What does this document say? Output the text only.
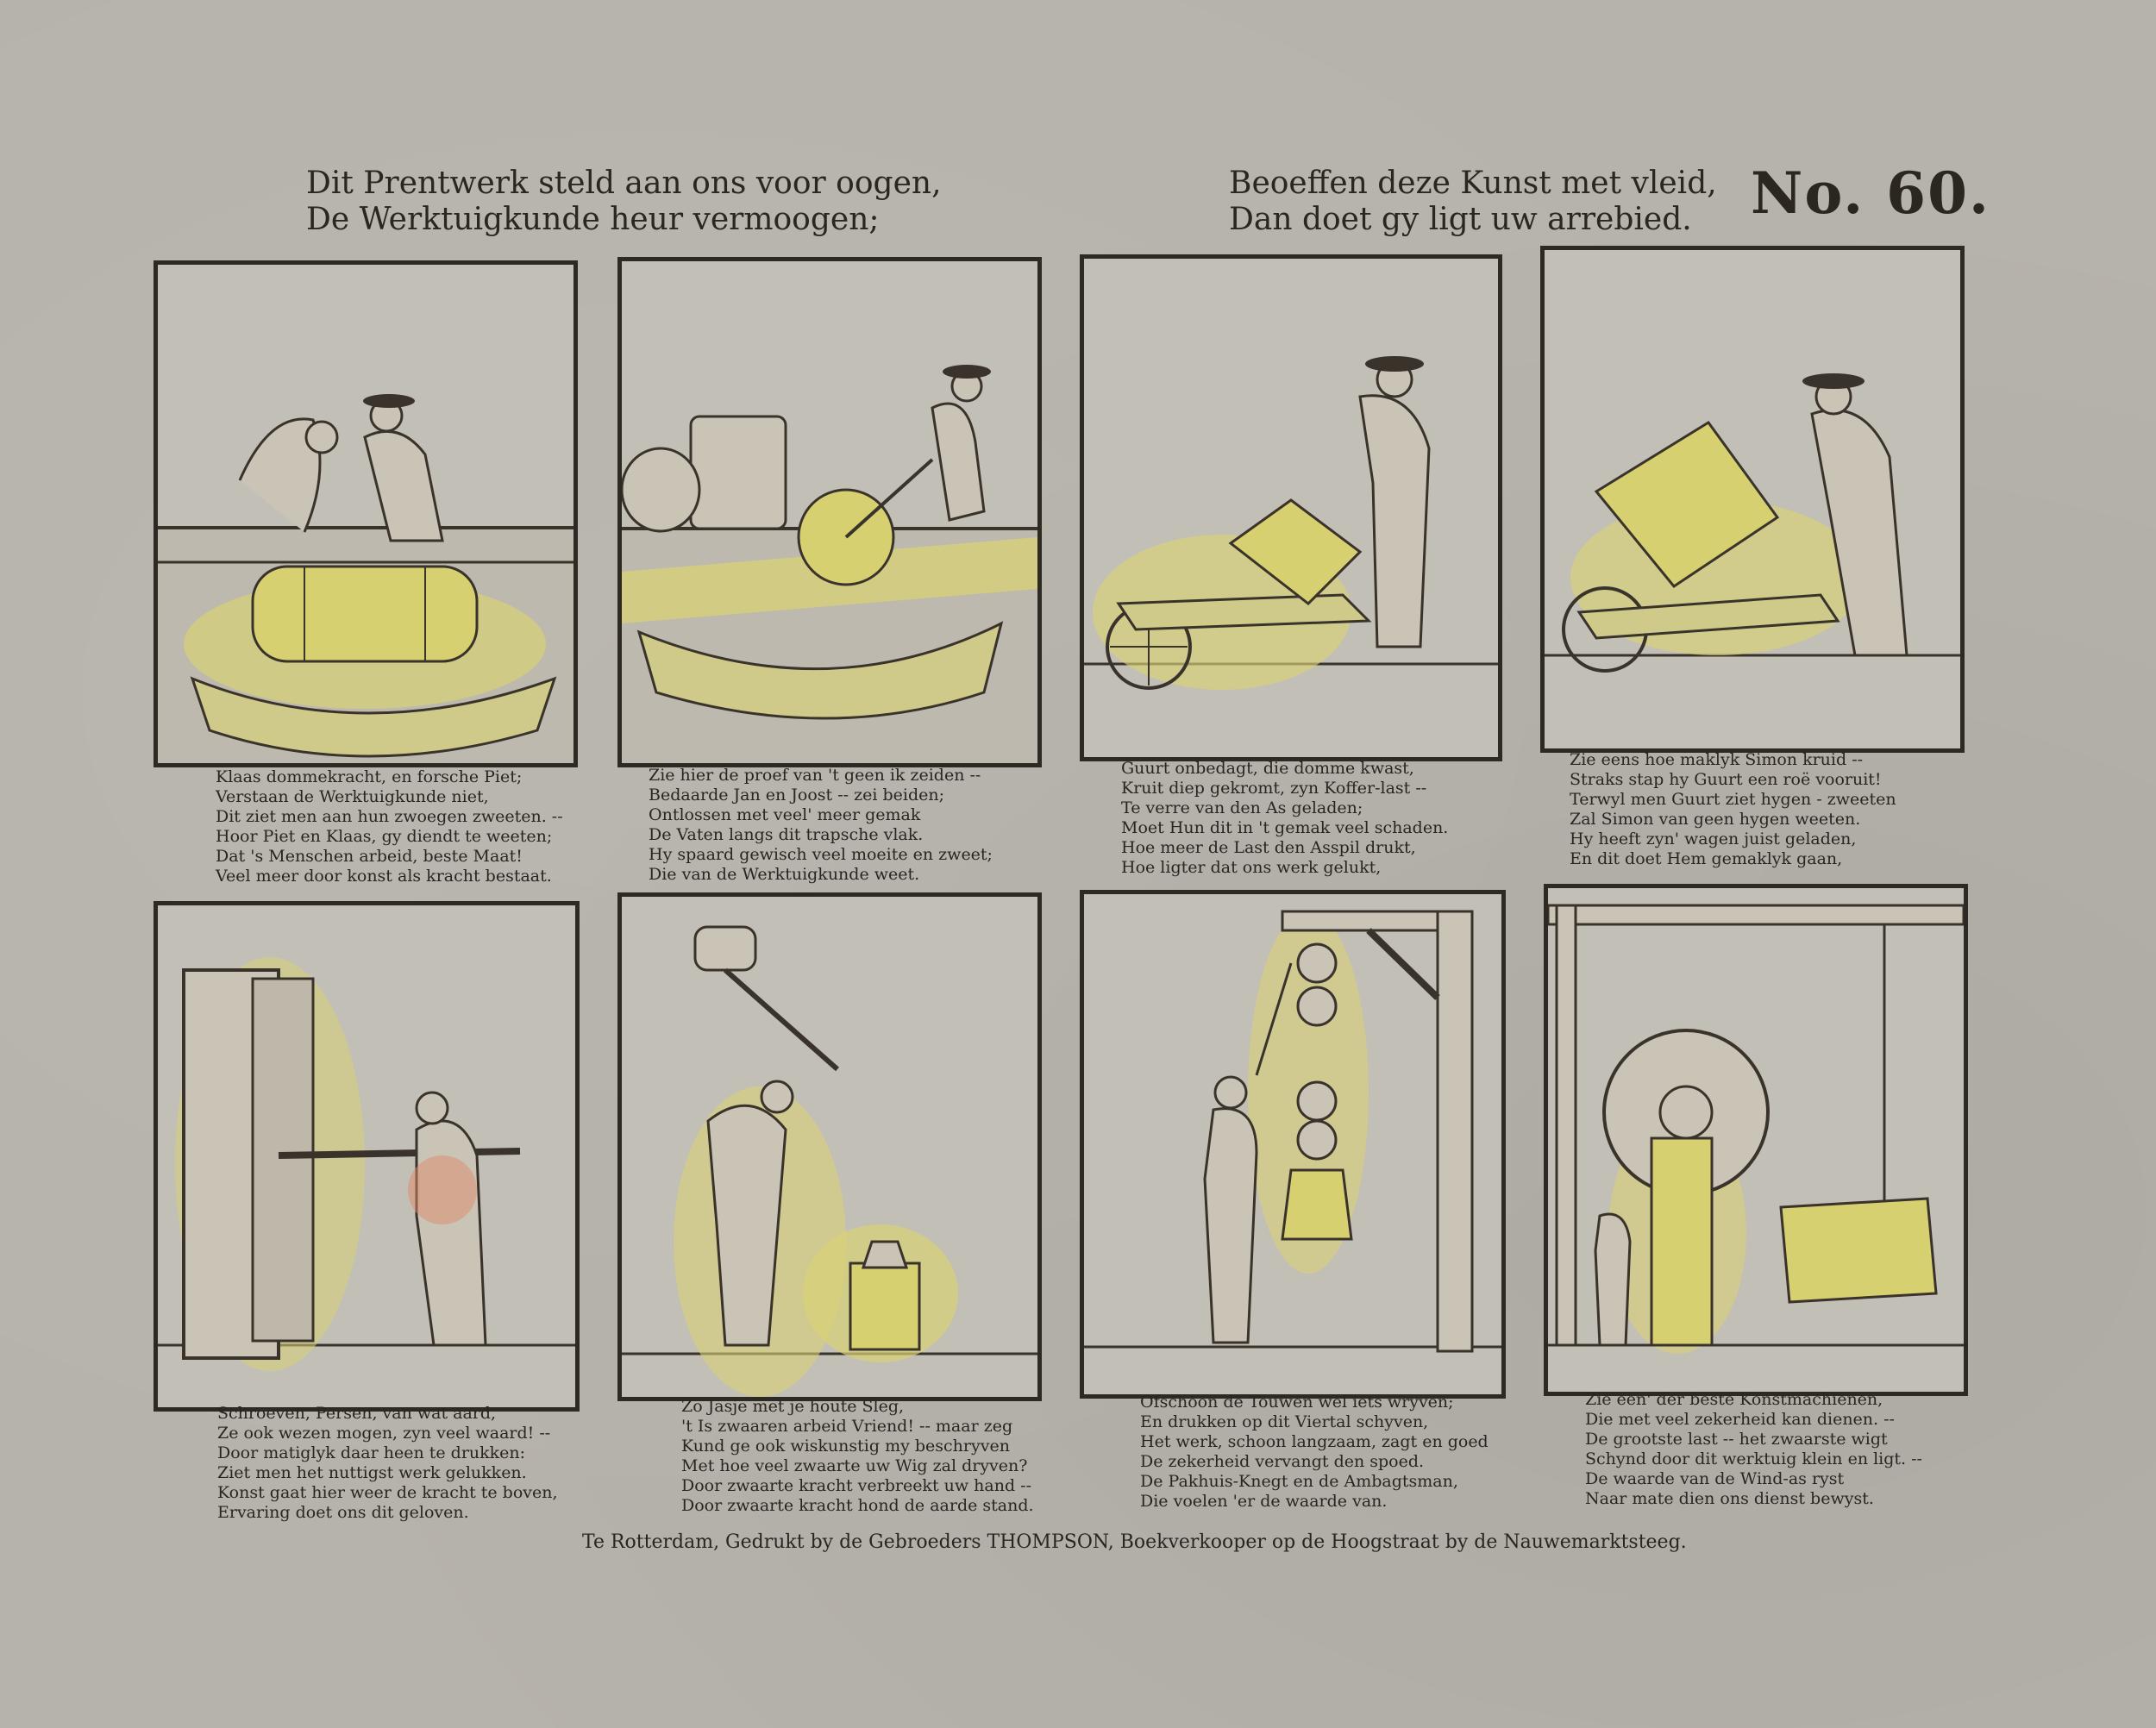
Dit Prentwerk steld aan ons voor oogen,
De Werktuigkunde heur vermoogen;
Beoeffen deze Kunst met vleid,
Dan doet gy ligt uw arrebied.	No. 60.
Klaas dommekracht, en forsche Piet;
Verstaan de Werktuigkunde niet,
Dit ziet men aan hun zwoegen zweeten. --
Hoor Piet en Klaas, gy diendt te weeten;
Dat 's Menschen arbeid, beste Maat!
Veel meer door konst als kracht bestaat.
Zie hier de proef van 't geen ik zeiden --
Bedaarde Jan en Joost -- zei beiden;
Ontlossen met veel' meer gemak
De Vaten langs dit trapsche vlak.
Hy spaard gewisch veel moeite en zweet;
Die van de Werktuigkunde weet.
Guurt onbedagt, die domme kwast,
Kruit diep gekromt, zyn Koffer-last --
Te verre van den As geladen;
Moet Hun dit in 't gemak veel schaden.
Hoe meer de Last den Asspil drukt,
Hoe ligter dat ons werk gelukt,
Zie eens hoe maklyk Simon kruid --
Straks stap hy Guurt een roë vooruit!
Terwyl men Guurt ziet hygen - zweeten
Zal Simon van geen hygen weeten.
Hy heeft zyn' wagen juist geladen,
En dit doet Hem gemaklyk gaan,
Schroeven, Persen, van wat aard,
Ze ook wezen mogen, zyn veel waard! --
Door matiglyk daar heen te drukken:
Ziet men het nuttigst werk gelukken.
Konst gaat hier weer de kracht te boven,
Ervaring doet ons dit geloven.
Zo Jasje met je houte Sleg,
't Is zwaaren arbeid Vriend! -- maar zeg
Kund ge ook wiskunstig my beschryven
Met hoe veel zwaarte uw Wig zal dryven?
Door zwaarte kracht verbreekt uw hand --
Door zwaarte kracht hond de aarde stand.
Ofschoon de Touwen wel iets wryven;
En drukken op dit Viertal schyven,
Het werk, schoon langzaam, zagt en goed
De zekerheid vervangt den spoed.
De Pakhuis-Knegt en de Ambagtsman,
Die voelen 'er de waarde van.
Zie een' der beste Konstmachienen,
Die met veel zekerheid kan dienen. --
De grootste last -- het zwaarste wigt
Schynd door dit werktuig klein en ligt. --
De waarde van de Wind-as ryst
Naar mate dien ons dienst bewyst.
Te Rotterdam, Gedrukt by de Gebroeders THOMPSON, Boekverkooper op de Hoogstraat by de Nauwemarktsteeg.
